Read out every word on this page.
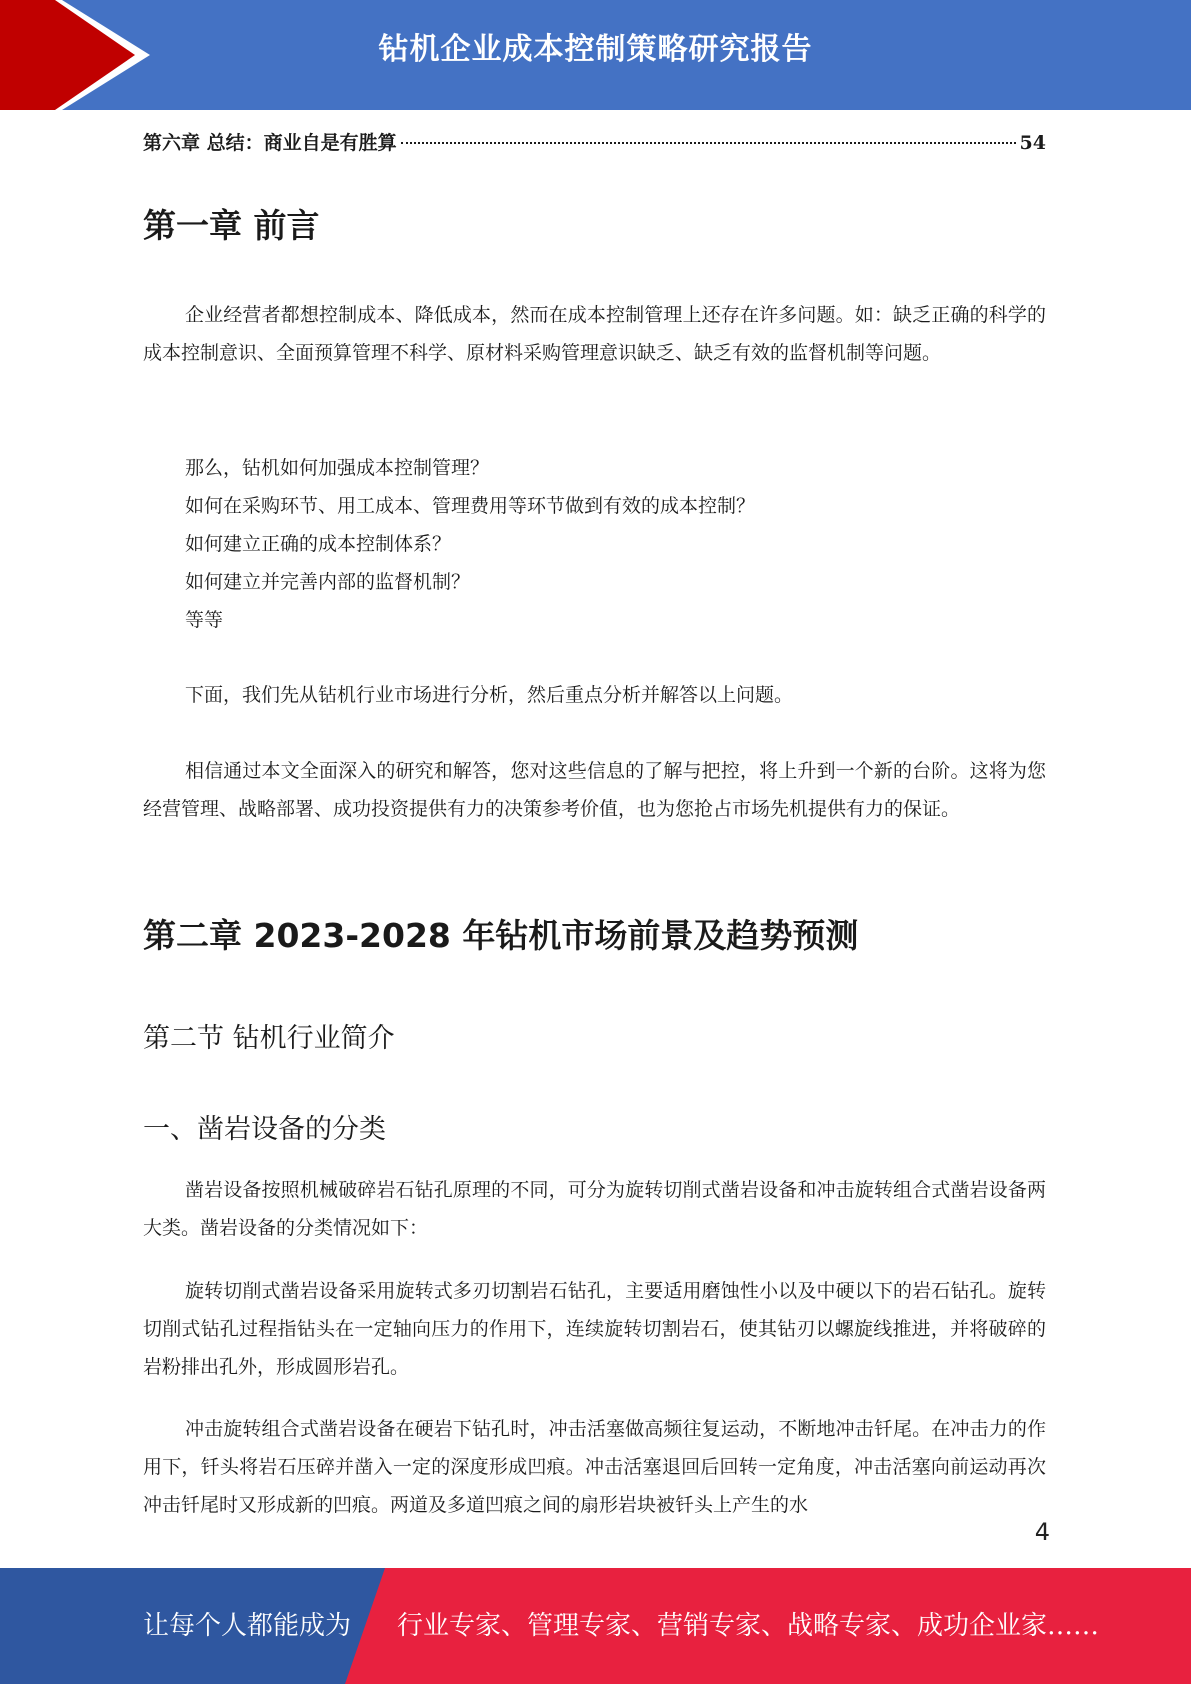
钻机企业成本控制策略研究报告
第六章 总结：商业自是有胜算	54
第一章 前言

企业经营者都想控制成本、降低成本，然而在成本控制管理上还存在许多问题。如：缺乏正确的科学的成本控制意识、全面预算管理不科学、原材料采购管理意识缺乏、缺乏有效的监督机制等问题。

那么，钻机如何加强成本控制管理？
如何在采购环节、用工成本、管理费用等环节做到有效的成本控制？
如何建立正确的成本控制体系？
如何建立并完善内部的监督机制？
等等

下面，我们先从钻机行业市场进行分析，然后重点分析并解答以上问题。

相信通过本文全面深入的研究和解答，您对这些信息的了解与把控，将上升到一个新的台阶。这将为您经营管理、战略部署、成功投资提供有力的决策参考价值，也为您抢占市场先机提供有力的保证。

第二章 2023-2028 年钻机市场前景及趋势预测
第二节 钻机行业简介
一、凿岩设备的分类

凿岩设备按照机械破碎岩石钻孔原理的不同，可分为旋转切削式凿岩设备和冲击旋转组合式凿岩设备两大类。凿岩设备的分类情况如下：

旋转切削式凿岩设备采用旋转式多刃切割岩石钻孔，主要适用磨蚀性小以及中硬以下的岩石钻孔。旋转切削式钻孔过程指钻头在一定轴向压力的作用下，连续旋转切割岩石，使其钻刃以螺旋线推进，并将破碎的岩粉排出孔外，形成圆形岩孔。

冲击旋转组合式凿岩设备在硬岩下钻孔时，冲击活塞做高频往复运动，不断地冲击钎尾。在冲击力的作用下，钎头将岩石压碎并凿入一定的深度形成凹痕。冲击活塞退回后回转一定角度，冲击活塞向前运动再次冲击钎尾时又形成新的凹痕。两道及多道凹痕之间的扇形岩块被钎头上产生的水

4
让每个人都能成为 行业专家、管理专家、营销专家、战略专家、成功企业家……
